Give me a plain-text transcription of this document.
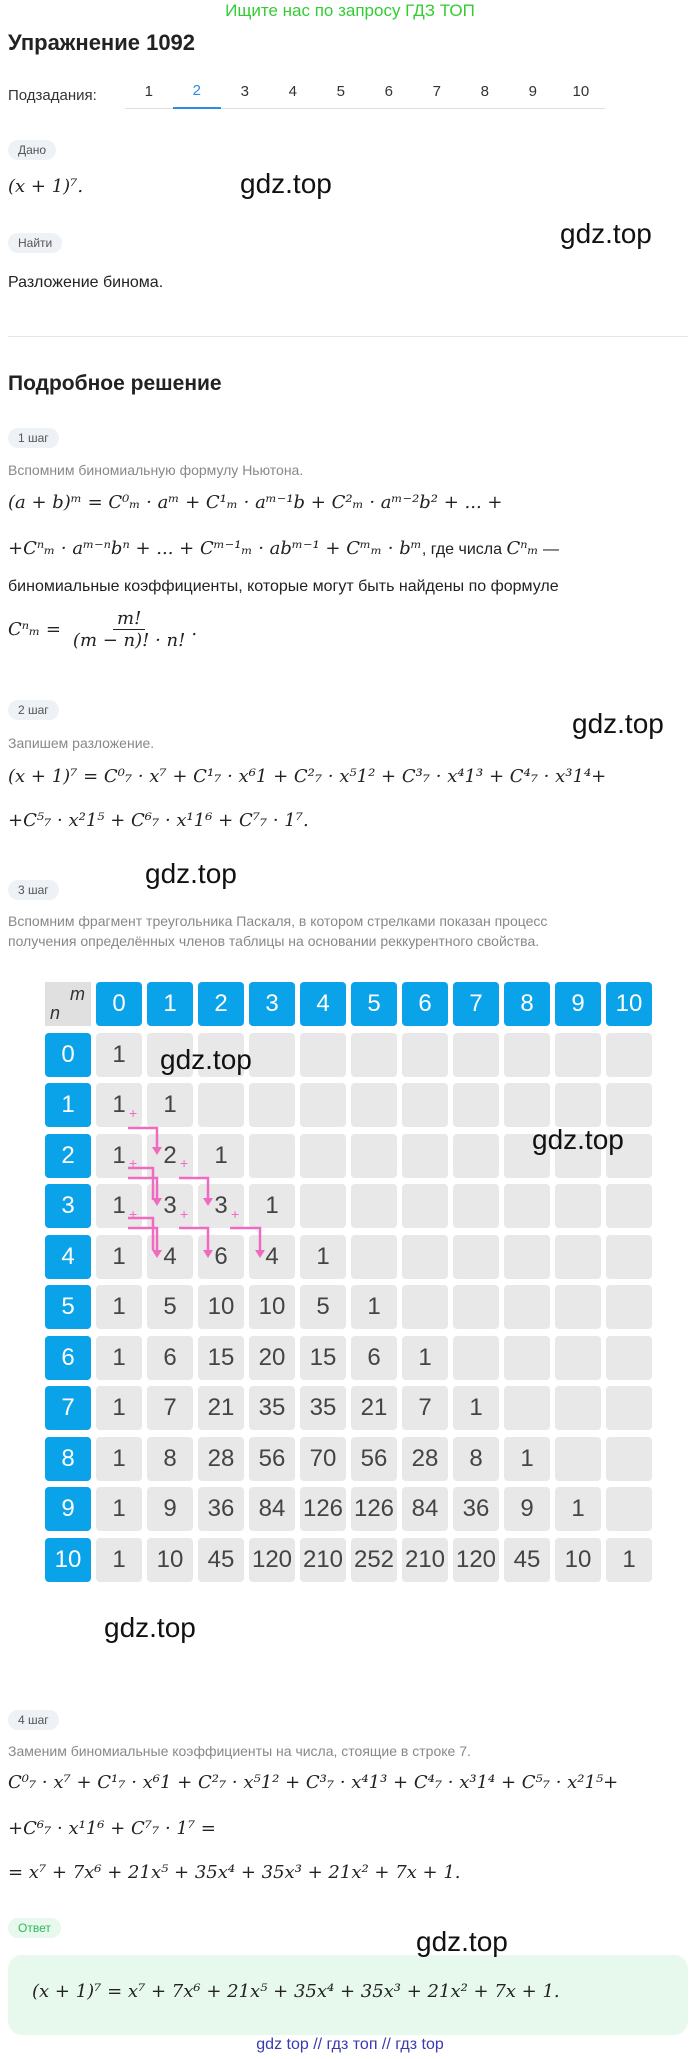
Ищите нас по запросу ГДЗ ТОП
Упражнение 1092
Подзадания:	1	2	3	4	5	6	7	8	9	10
Дано
(x + 1)⁷.
Найти
Разложение бинома.
Подробное решение
1 шаг
Вспомним биномиальную формулу Ньютона.
(a + b)ᵐ = C⁰ₘ · aᵐ + C¹ₘ · aᵐ⁻¹b + C²ₘ · aᵐ⁻²b² + ... +
+Cⁿₘ · aᵐ⁻ⁿbⁿ + ... + Cᵐ⁻¹ₘ · abᵐ⁻¹ + Cᵐₘ · bᵐ, где числа Cⁿₘ —
биномиальные коэффициенты, которые могут быть найдены по формуле
$C^n_m = \frac{m!}{(m - n)! \cdot n!}$ .
2 шаг
Запишем разложение.
(x + 1)⁷ = C⁰₇ · x⁷ + C¹₇ · x⁶1 + C²₇ · x⁵1² + C³₇ · x⁴1³ + C⁴₇ · x³1⁴+
+C⁵₇ · x²1⁵ + C⁶₇ · x¹1⁶ + C⁷₇ · 1⁷.
3 шаг
Вспомним фрагмент треугольника Паскаля, в котором стрелками показан процесс
получения определённых членов таблицы на основании реккурентного свойства.
m
n	0	1	2	3	4	5	6	7	8	9	10
0	1
1	1	1
2	1	2	1
3	1	3	3	1
4	1	4	6	4	1
5	1	5	10	10	5	1
6	1	6	15	20	15	6	1
7	1	7	21	35	35	21	7	1
8	1	8	28	56	70	56	28	8	1
9	1	9	36	84 126 126 84	36	9	1
10	1	10	45 120 210 252 210 120 45	10	1
+
+	+
+	+	+
4 шаг
Заменим биномиальные коэффициенты на числа, стоящие в строке 7.
C⁰₇ · x⁷ + C¹₇ · x⁶1 + C²₇ · x⁵1² + C³₇ · x⁴1³ + C⁴₇ · x³1⁴ + C⁵₇ · x²1⁵+
+C⁶₇ · x¹1⁶ + C⁷₇ · 1⁷ =
= x⁷ + 7x⁶ + 21x⁵ + 35x⁴ + 35x³ + 21x² + 7x + 1.
Ответ
(x + 1)⁷ = x⁷ + 7x⁶ + 21x⁵ + 35x⁴ + 35x³ + 21x² + 7x + 1.
gdz.top
gdz.top
gdz.top
gdz.top
gdz.top
gdz.top
gdz.top
gdz.top
gdz top // гдз топ // гдз top
